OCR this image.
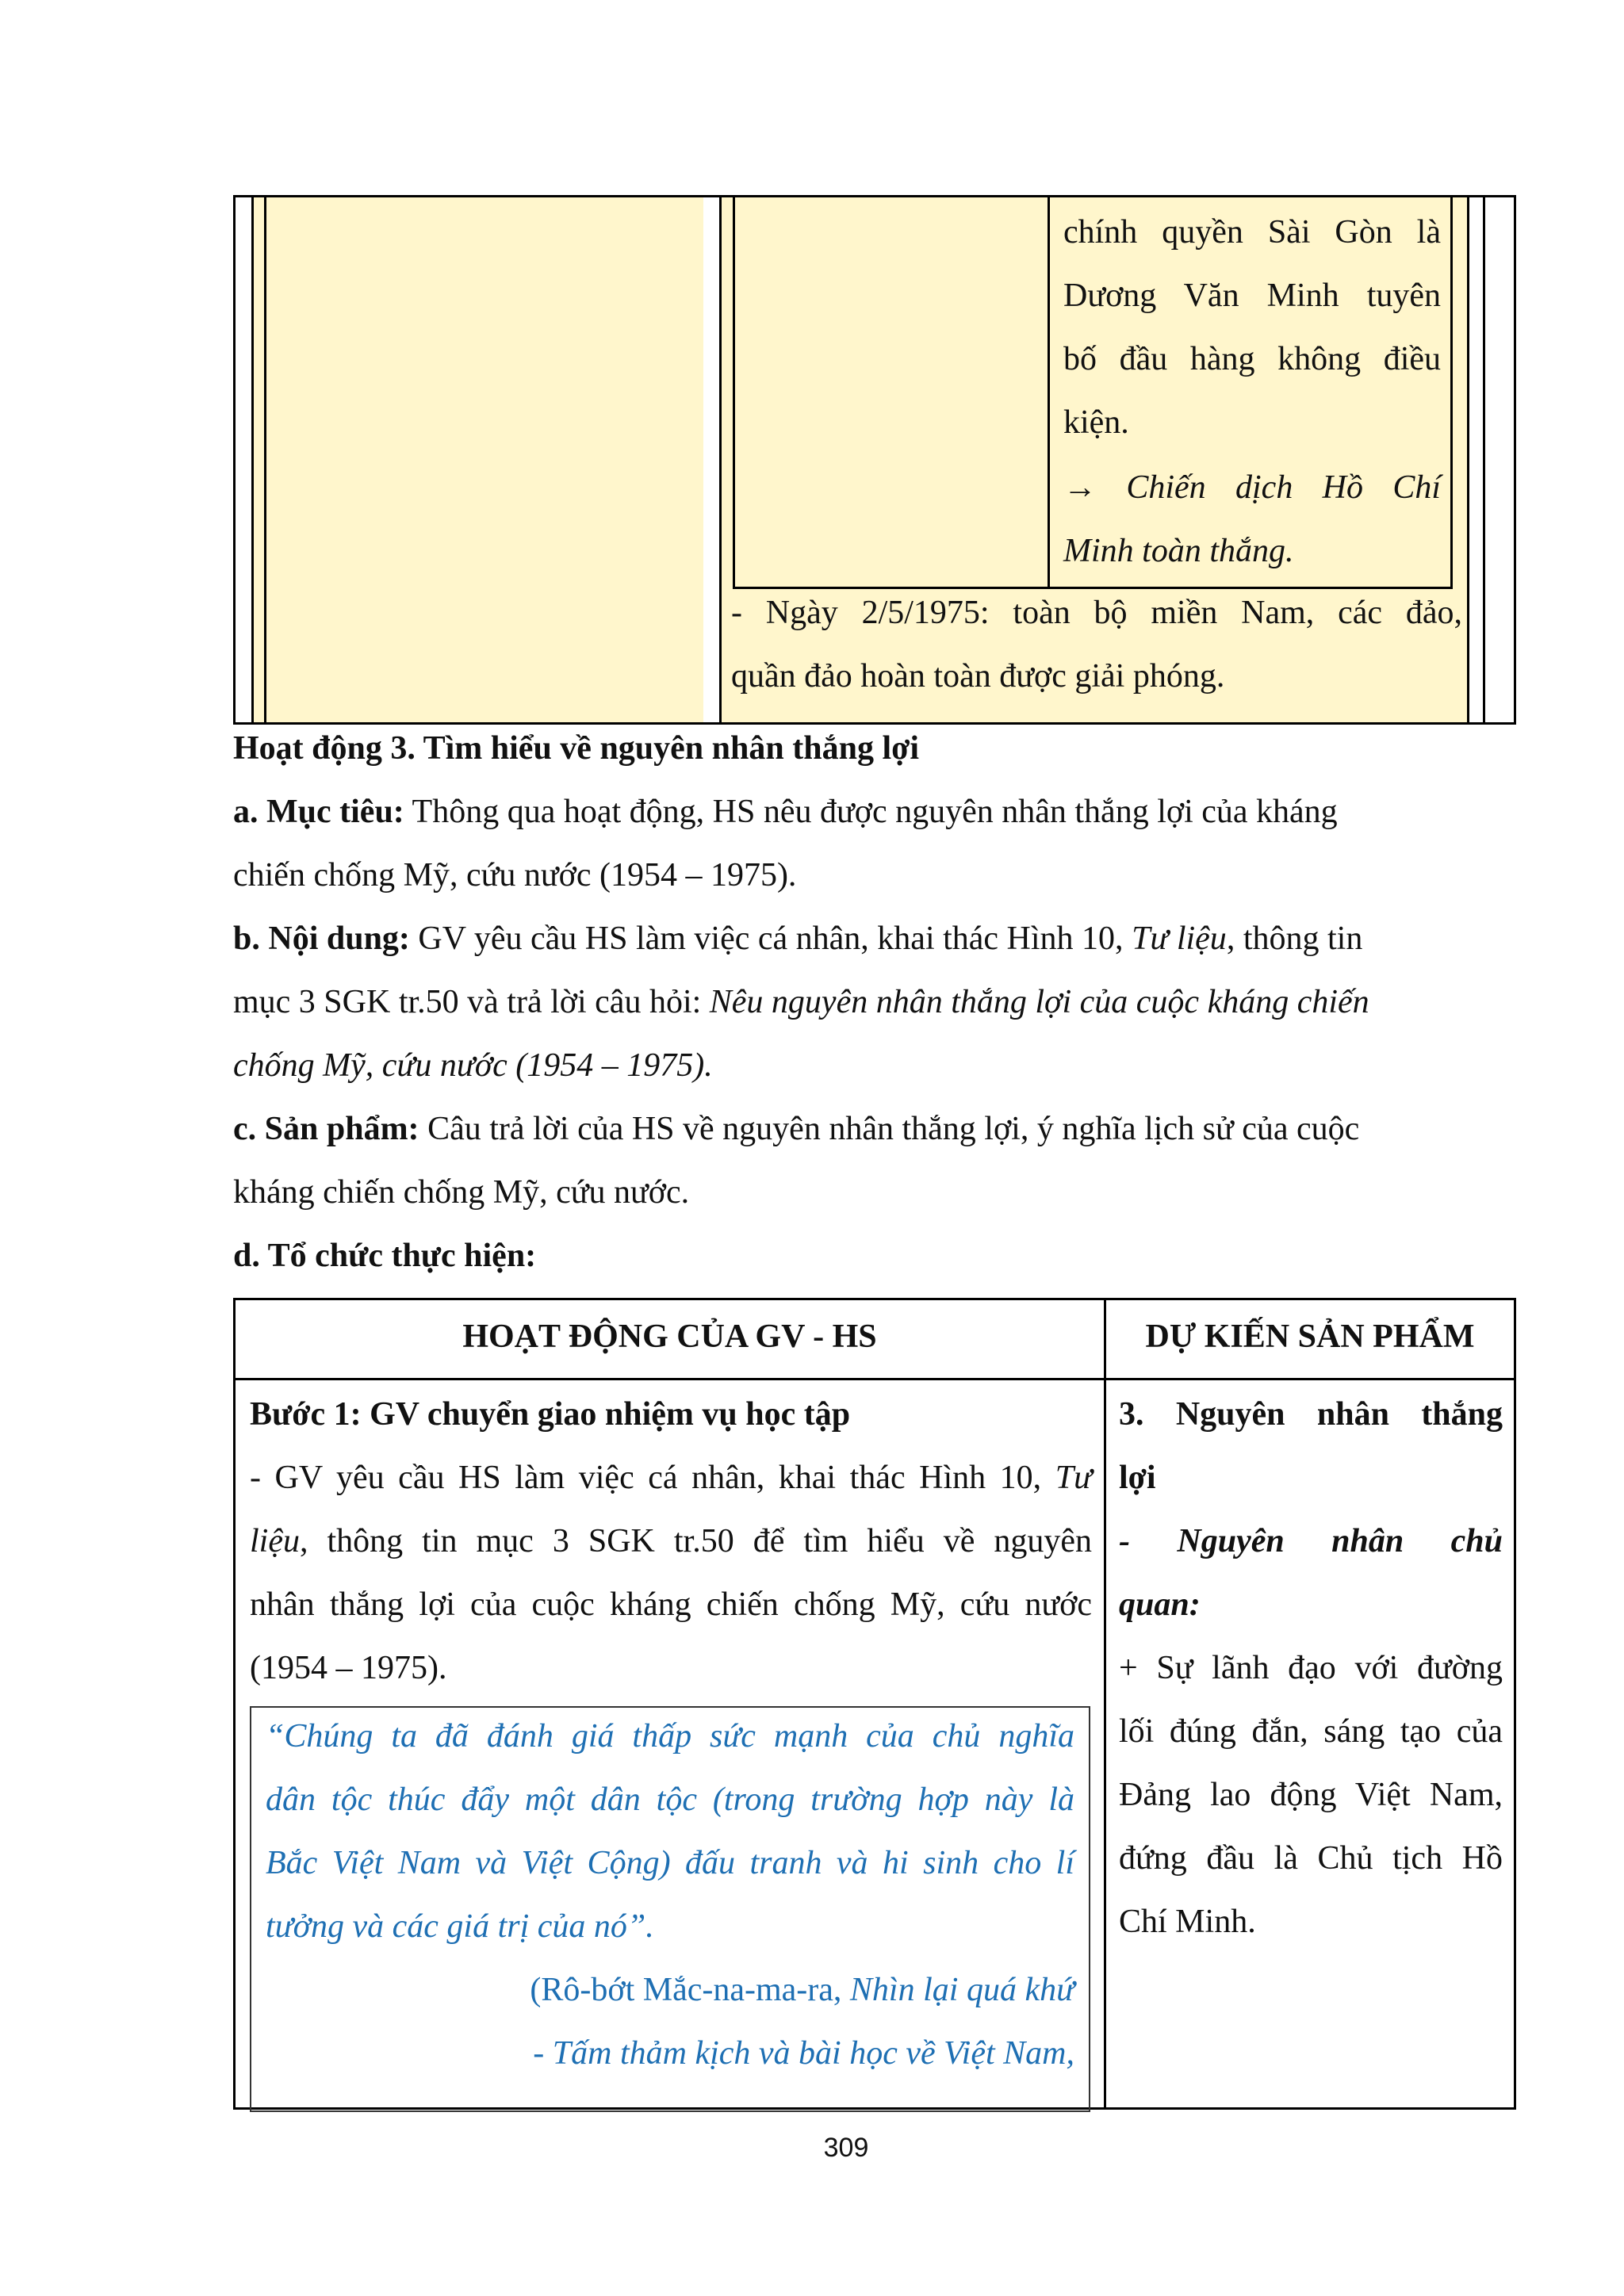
chính quyền Sài Gòn là
Dương Văn Minh tuyên
bố đầu hàng không điều
kiện.
→ Chiến dịch Hồ Chí
Minh toàn thắng.
- Ngày 2/5/1975: toàn bộ miền Nam, các đảo,
quần đảo hoàn toàn được giải phóng.
Hoạt động 3. Tìm hiểu về nguyên nhân thắng lợi
a. Mục tiêu: Thông qua hoạt động, HS nêu được nguyên nhân thắng lợi của kháng
chiến chống Mỹ, cứu nước (1954 – 1975).
b. Nội dung: GV yêu cầu HS làm việc cá nhân, khai thác Hình 10, Tư liệu, thông tin
mục 3 SGK tr.50 và trả lời câu hỏi: Nêu nguyên nhân thắng lợi của cuộc kháng chiến
chống Mỹ, cứu nước (1954 – 1975).
c. Sản phẩm: Câu trả lời của HS về nguyên nhân thắng lợi, ý nghĩa lịch sử của cuộc
kháng chiến chống Mỹ, cứu nước.
d. Tổ chức thực hiện:
HOẠT ĐỘNG CỦA GV - HS	DỰ KIẾN SẢN PHẨM
Bước 1: GV chuyển giao nhiệm vụ học tập
- GV yêu cầu HS làm việc cá nhân, khai thác Hình 10, Tư
liệu, thông tin mục 3 SGK tr.50 để tìm hiểu về nguyên
nhân thắng lợi của cuộc kháng chiến chống Mỹ, cứu nước
(1954 – 1975).
“Chúng ta đã đánh giá thấp sức mạnh của chủ nghĩa
dân tộc thúc đẩy một dân tộc (trong trường hợp này là
Bắc Việt Nam và Việt Cộng) đấu tranh và hi sinh cho lí
tưởng và các giá trị của nó”.
(Rô-bớt Mắc-na-ma-ra, Nhìn lại quá khứ
- Tấm thảm kịch và bài học về Việt Nam,
3. Nguyên nhân thắng
lợi
- Nguyên nhân chủ
quan:
+ Sự lãnh đạo với đường
lối đúng đắn, sáng tạo của
Đảng lao động Việt Nam,
đứng đầu là Chủ tịch Hồ
Chí Minh.
309
